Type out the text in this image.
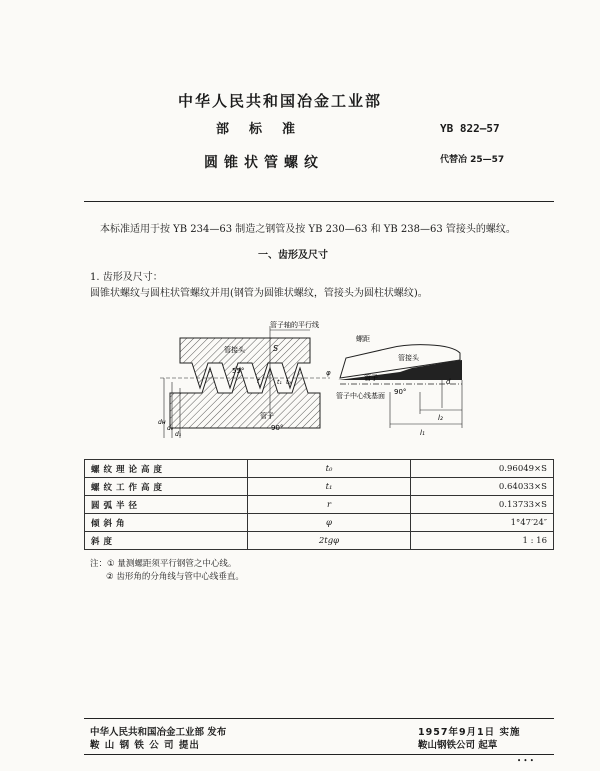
中华人民共和国冶金工业部
部标准	YB 822—57
圆锥状管螺纹	代替冶 25—57
本标准适用于按 YB 234—63 制造之钢管及按 YB 230—63 和 YB 238—63 管接头的螺纹。
一、齿形及尺寸
1. 齿形及尺寸：
圆锥状螺纹与圆柱状管螺纹并用(钢管为圆锥状螺纹，管接头为圆柱状螺纹)。
管子轴的平行线
管接头	S
55°
r	t₁ t₀
φ
管子
90°
dн
d₀
d₁
螺距
管接头
管子
管子中心线基面 90°
d
l₂
l₁
螺纹理论高度	t₀	0.96049×S
螺纹工作高度	t₁	0.64033×S
圆弧半径	r	0.13733×S
倾斜角	φ	1°47′24″
斜度	2tgφ	1 : 16
注：① 量测螺距须平行钢管之中心线。
② 齿形角的分角线与管中心线垂直。
中华人民共和国冶金工业部 发布
鞍 山 钢 铁 公 司 提出
1957年9月1日 实施
鞍山钢铁公司 起草
• • •
